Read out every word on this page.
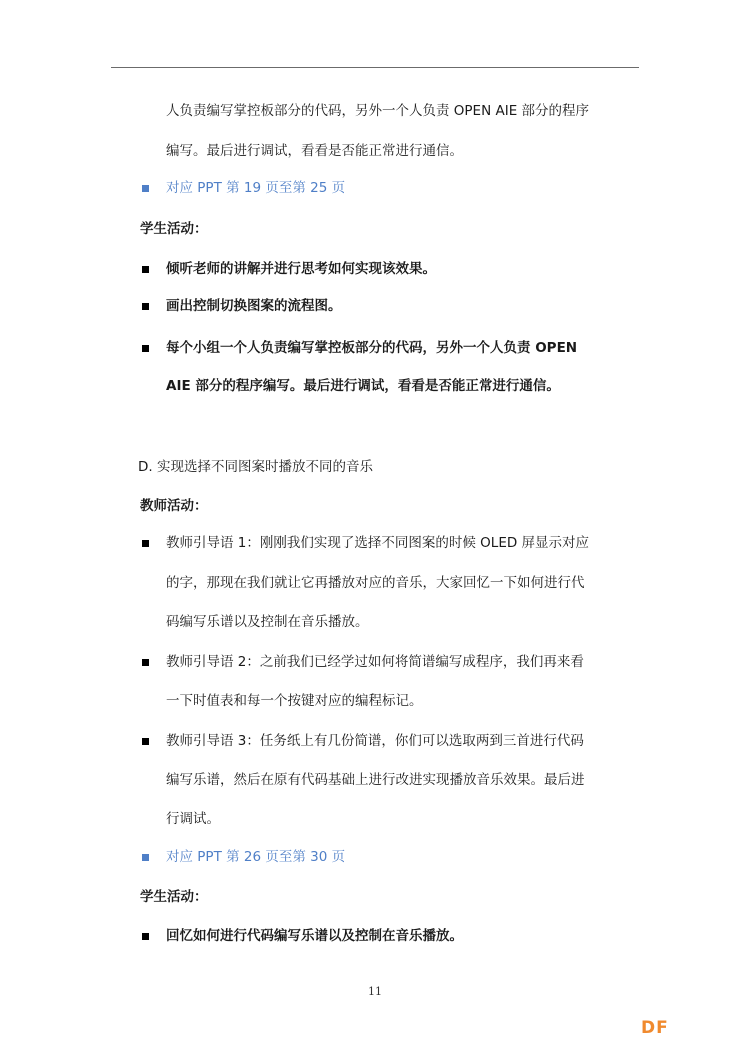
人负责编写掌控板部分的代码，另外一个人负责 OPEN AIE 部分的程序
编写。最后进行调试，看看是否能正常进行通信。
对应 PPT 第 19 页至第 25 页
学生活动：
倾听老师的讲解并进行思考如何实现该效果。
画出控制切换图案的流程图。
每个小组一个人负责编写掌控板部分的代码，另外一个人负责 OPEN
AIE 部分的程序编写。最后进行调试，看看是否能正常进行通信。
D. 实现选择不同图案时播放不同的音乐
教师活动：
教师引导语 1：刚刚我们实现了选择不同图案的时候 OLED 屏显示对应
的字，那现在我们就让它再播放对应的音乐，大家回忆一下如何进行代
码编写乐谱以及控制在音乐播放。
教师引导语 2：之前我们已经学过如何将简谱编写成程序，我们再来看
一下时值表和每一个按键对应的编程标记。
教师引导语 3：任务纸上有几份简谱，你们可以选取两到三首进行代码
编写乐谱，然后在原有代码基础上进行改进实现播放音乐效果。最后进
行调试。
对应 PPT 第 26 页至第 30 页
学生活动：
回忆如何进行代码编写乐谱以及控制在音乐播放。
11
DF
